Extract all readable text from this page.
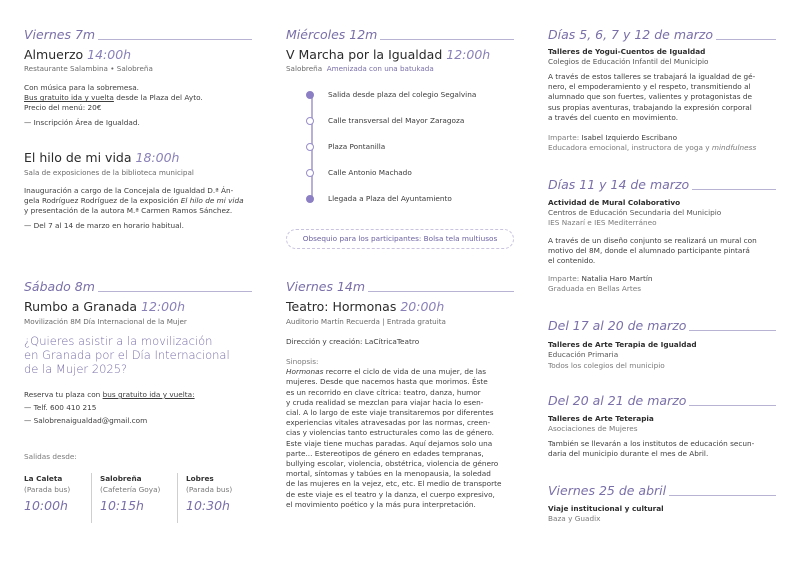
Viernes 7m
Almuerzo 14:00h
Restaurante Salambina • Salobreña
Con música para la sobremesa.
Bus gratuito ida y vuelta desde la Plaza del Ayto.
Precio del menú: 20€
— Inscripción Área de Igualdad.
El hilo de mi vida 18:00h
Sala de exposiciones de la biblioteca municipal
Inauguración a cargo de la Concejala de Igualdad D.ª Án-
gela Rodríguez Rodríguez de la exposición El hilo de mi vida
y presentación de la autora M.ª Carmen Ramos Sánchez.
— Del 7 al 14 de marzo en horario habitual.
Sábado 8m
Rumbo a Granada 12:00h
Movilización 8M Día Internacional de la Mujer
¿Quieres asistir a la movilización
en Granada por el Día Internacional
de la Mujer 2025?
Reserva tu plaza con bus gratuito ida y vuelta:
— Telf. 600 410 215
— Salobrenaigualdad@gmail.com
Salidas desde:
La Caleta
(Parada bus)
10:00h
Salobreña
(Cafetería Goya)
10:15h
Lobres
(Parada bus)
10:30h
Miércoles 12m
V Marcha por la Igualdad 12:00h
Salobreña Amenizada con una batukada
Salida desde plaza del colegio Segalvina
Calle transversal del Mayor Zaragoza
Plaza Pontanilla
Calle Antonio Machado
Llegada a Plaza del Ayuntamiento
Obsequio para los participantes: Bolsa tela multiusos
Viernes 14m
Teatro: Hormonas 20:00h
Auditorio Martín Recuerda | Entrada gratuita
Dirección y creación: LaCítricaTeatro
Sinopsis:
Hormonas recorre el ciclo de vida de una mujer, de las
mujeres. Desde que nacemos hasta que morimos. Éste
es un recorrido en clave cítrica: teatro, danza, humor
y cruda realidad se mezclan para viajar hacia lo esen-
cial. A lo largo de este viaje transitaremos por diferentes
experiencias vitales atravesadas por las normas, creen-
cias y violencias tanto estructurales como las de género.
Este viaje tiene muchas paradas. Aquí dejamos solo una
parte... Estereotipos de género en edades tempranas,
bullying escolar, violencia, obstétrica, violencia de género
mortal, síntomas y tabúes en la menopausia, la soledad
de las mujeres en la vejez, etc, etc. El medio de transporte
de este viaje es el teatro y la danza, el cuerpo expresivo,
el movimiento poético y la más pura interpretación.
Días 5, 6, 7 y 12 de marzo
Talleres de Yogui-Cuentos de Igualdad
Colegios de Educación Infantil del Municipio
A través de estos talleres se trabajará la igualdad de gé-
nero, el empoderamiento y el respeto, transmitiendo al
alumnado que son fuertes, valientes y protagonistas de
sus propias aventuras, trabajando la expresión corporal
a través del cuento en movimiento.
Imparte: Isabel Izquierdo Escribano
Educadora emocional, instructora de yoga y mindfulness
Días 11 y 14 de marzo
Actividad de Mural Colaborativo
Centros de Educación Secundaria del Municipio
IES Nazarí e IES Mediterráneo
A través de un diseño conjunto se realizará un mural con
motivo del 8M, donde el alumnado participante pintará
el contenido.
Imparte: Natalia Haro Martín
Graduada en Bellas Artes
Del 17 al 20 de marzo
Talleres de Arte Terapia de Igualdad
Educación Primaria
Todos los colegios del municipio
Del 20 al 21 de marzo
Talleres de Arte Teterapia
Asociaciones de Mujeres
También se llevarán a los institutos de educación secun-
daria del municipio durante el mes de Abril.
Viernes 25 de abril
Viaje institucional y cultural
Baza y Guadix
